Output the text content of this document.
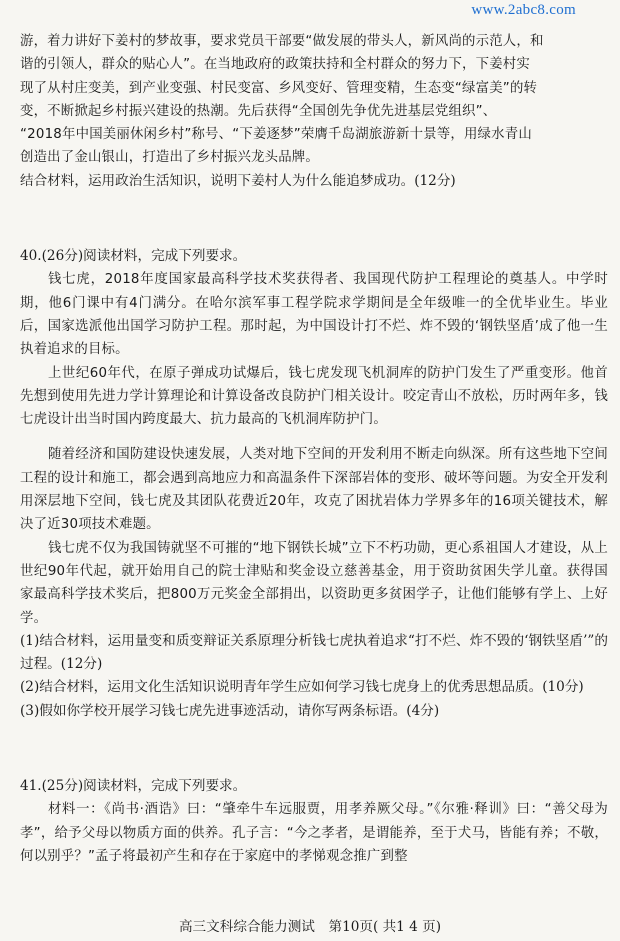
www.2abc8.com

游，着力讲好下姜村的梦故事，要求党员干部要“做发展的带头人，新风尚的示范人，和

谐的引领人，群众的贴心人”。在当地政府的政策扶持和全村群众的努力下，下姜村实

现了从村庄变美，到产业变强、村民变富、乡风变好、管理变精，生态变“绿富美”的转

变，不断掀起乡村振兴建设的热潮。先后获得“全国创先争优先进基层党组织”、

“2018年中国美丽休闲乡村”称号、“下姜逐梦”荣膺千岛湖旅游新十景等，用绿水青山

创造出了金山银山，打造出了乡村振兴龙头品牌。

结合材料，运用政治生活知识，说明下姜村人为什么能追梦成功。(12分)

40.(26分)阅读材料，完成下列要求。

钱七虎，2018年度国家最高科学技术奖获得者、我国现代防护工程理论的奠基人。中学时期，他6门课中有4门满分。在哈尔滨军事工程学院求学期间是全年级唯一的全优毕业生。毕业后，国家选派他出国学习防护工程。那时起，为中国设计打不烂、炸不毁的‘钢铁坚盾’成了他一生执着追求的目标。

上世纪60年代，在原子弹成功试爆后，钱七虎发现飞机洞库的防护门发生了严重变形。他首先想到使用先进力学计算理论和计算设备改良防护门相关设计。咬定青山不放松，历时两年多，钱七虎设计出当时国内跨度最大、抗力最高的飞机洞库防护门。

随着经济和国防建设快速发展，人类对地下空间的开发利用不断走向纵深。所有这些地下空间工程的设计和施工，都会遇到高地应力和高温条件下深部岩体的变形、破坏等问题。为安全开发利用深层地下空间，钱七虎及其团队花费近20年，攻克了困扰岩体力学界多年的16项关键技术，解决了近30项技术难题。

钱七虎不仅为我国铸就坚不可摧的“地下钢铁长城”立下不朽功勋，更心系祖国人才建设，从上世纪90年代起，就开始用自己的院士津贴和奖金设立慈善基金，用于资助贫困失学儿童。获得国家最高科学技术奖后，把800万元奖金全部捐出，以资助更多贫困学子，让他们能够有学上、上好学。

(1)结合材料，运用量变和质变辩证关系原理分析钱七虎执着追求“打不烂、炸不毁的‘钢铁坚盾’”的过程。(12分)

(2)结合材料，运用文化生活知识说明青年学生应如何学习钱七虎身上的优秀思想品质。(10分)

(3)假如你学校开展学习钱七虎先进事迹活动，请你写两条标语。(4分)

41.(25分)阅读材料，完成下列要求。

材料一：《尚书·酒诰》曰：“肇牵牛车远服贾，用孝养厥父母。”《尔雅·释训》曰：“善父母为孝”，给予父母以物质方面的供养。孔子言：“今之孝者，是谓能养，至于犬马，皆能有养；不敬，何以别乎？”孟子将最初产生和存在于家庭中的孝悌观念推广到整

高三文科综合能力测试　第10页( 共1 4 页)
